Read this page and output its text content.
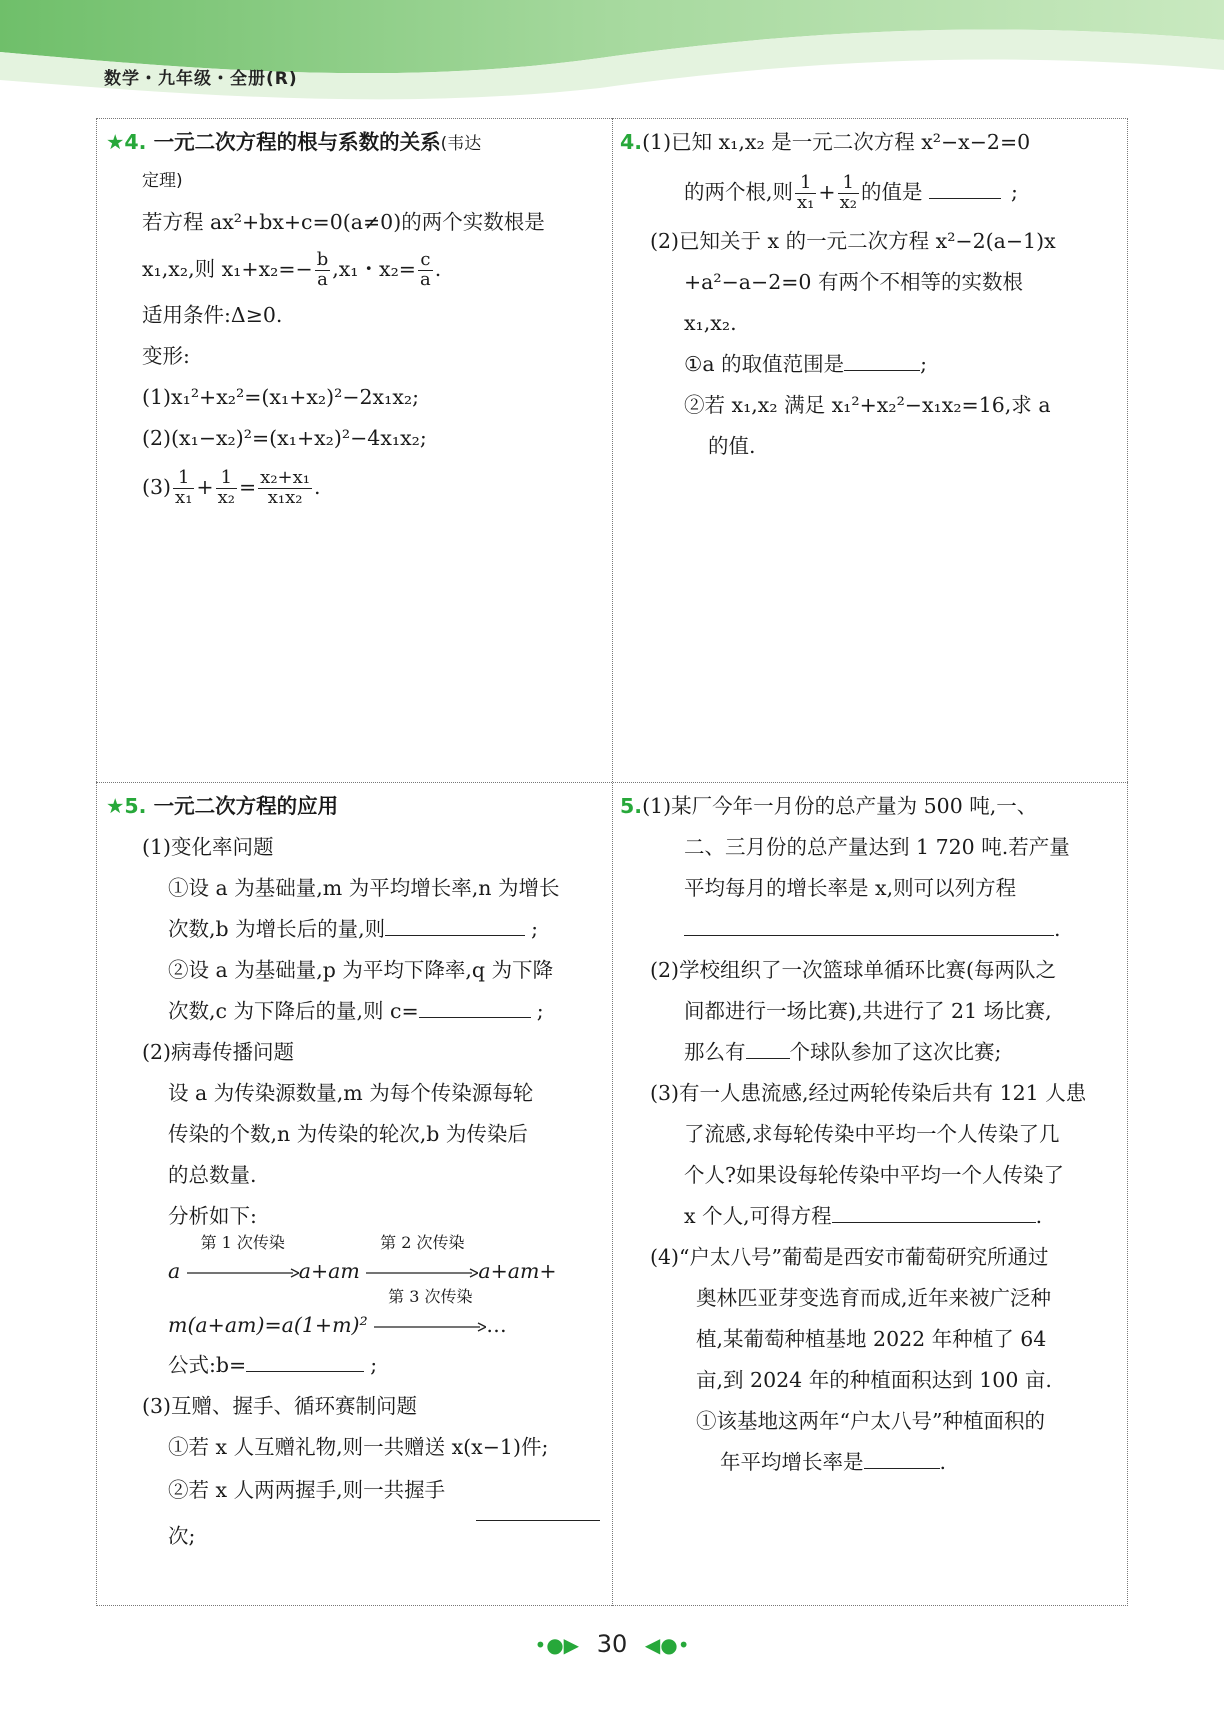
数学・九年级・全册(R)

★4. 一元二次方程的根与系数的关系(韦达

定理)

若方程 ax²+bx+c=0(a≠0)的两个实数根是

x₁,x₂,则 $x_1+x_2=- \frac{b}{a} ,x_1$・$x_2= \frac{c}{a}$ .

适用条件:Δ≥0.

变形:

(1)x₁²+x₂²=(x₁+x₂)²−2x₁x₂;

(2)(x₁−x₂)²=(x₁+x₂)²−4x₁x₂;

$(3) \frac{1}{\text{x₁}} + \frac{1}{\text{x₂}} = \frac{\text{x₂+x₁}}{\text{x₁x₂}}$ .

4.(1)已知 x₁,x₂ 是一元二次方程 x²−x−2=0

的两个根,则 $\frac{1}{\text{x₁}} + \frac{1}{\text{x₂}}$ 的值是	;

(2)已知关于 x 的一元二次方程 x²−2(a−1)x

+a²−a−2=0 有两个不相等的实数根

x₁,x₂.

①a 的取值范围是	;

②若 x₁,x₂ 满足 x₁²+x₂²−x₁x₂=16,求 a

的值.

★5. 一元二次方程的应用

(1)变化率问题

①设 a 为基础量,m 为平均增长率,n 为增长

次数,b 为增长后的量,则	;

②设 a 为基础量,p 为平均下降率,q 为下降

次数,c 为下降后的量,则 c=	;

(2)病毒传播问题

设 a 为传染源数量,m 为每个传染源每轮

传染的个数,n 为传染的轮次,b 为传染后

的总数量.

分析如下:

a
第 1 次传染
a+am
第 2 次传染
a+am+

m(a+am)=a(1+m)²
第 3 次传染
…

公式:b=	;

(3)互赠、握手、循环赛制问题

①若 x 人互赠礼物,则一共赠送 x(x−1)件;

②若 x 人两两握手,则一共握手

次;

5.(1)某厂今年一月份的总产量为 500 吨,一、

二、三月份的总产量达到 1 720 吨.若产量

平均每月的增长率是 x,则可以列方程

.

(2)学校组织了一次篮球单循环比赛(每两队之

间都进行一场比赛),共进行了 21 场比赛,

那么有 个球队参加了这次比赛;

(3)有一人患流感,经过两轮传染后共有 121 人患

了流感,求每轮传染中平均一个人传染了几

个人?如果设每轮传染中平均一个人传染了

x 个人,可得方程	.

(4)“户太八号”葡萄是西安市葡萄研究所通过

奥林匹亚芽变选育而成,近年来被广泛种

植,某葡萄种植基地 2022 年种植了 64

亩,到 2024 年的种植面积达到 100 亩.

①该基地这两年“户太八号”种植面积的

年平均增长率是	.

•●▶ 30 ◀●•
